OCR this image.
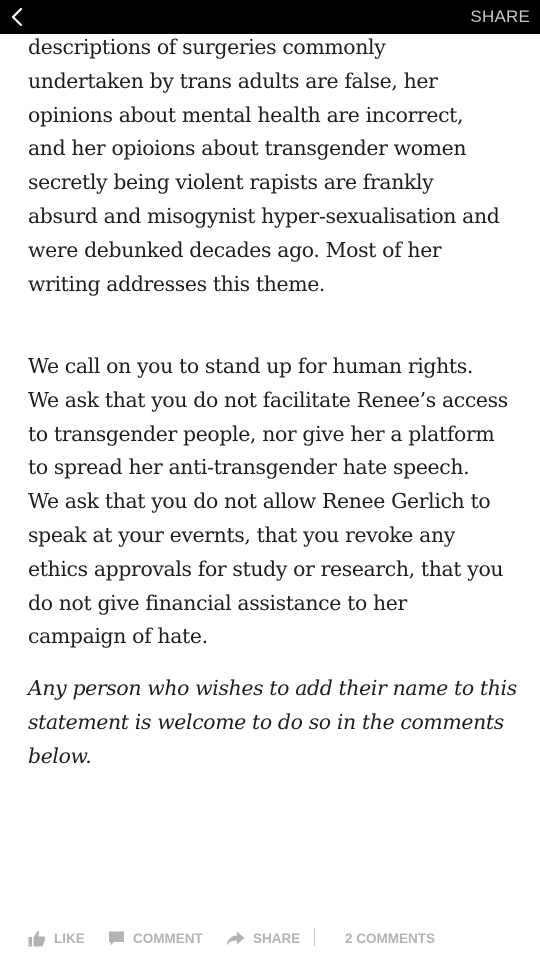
SHARE

descriptions of surgeries commonly
undertaken by trans adults are false, her
opinions about mental health are incorrect,
and her opioions about transgender women
secretly being violent rapists are frankly
absurd and misogynist hyper-sexualisation and
were debunked decades ago. Most of her
writing addresses this theme.

We call on you to stand up for human rights.
We ask that you do not facilitate Renee’s access
to transgender people, nor give her a platform
to spread her anti-transgender hate speech.
We ask that you do not allow Renee Gerlich to
speak at your evernts, that you revoke any
ethics approvals for study or research, that you
do not give financial assistance to her
campaign of hate.

Any person who wishes to add their name to this
statement is welcome to do so in the comments
below.

LIKE	COMMENT	SHARE	2 COMMENTS
